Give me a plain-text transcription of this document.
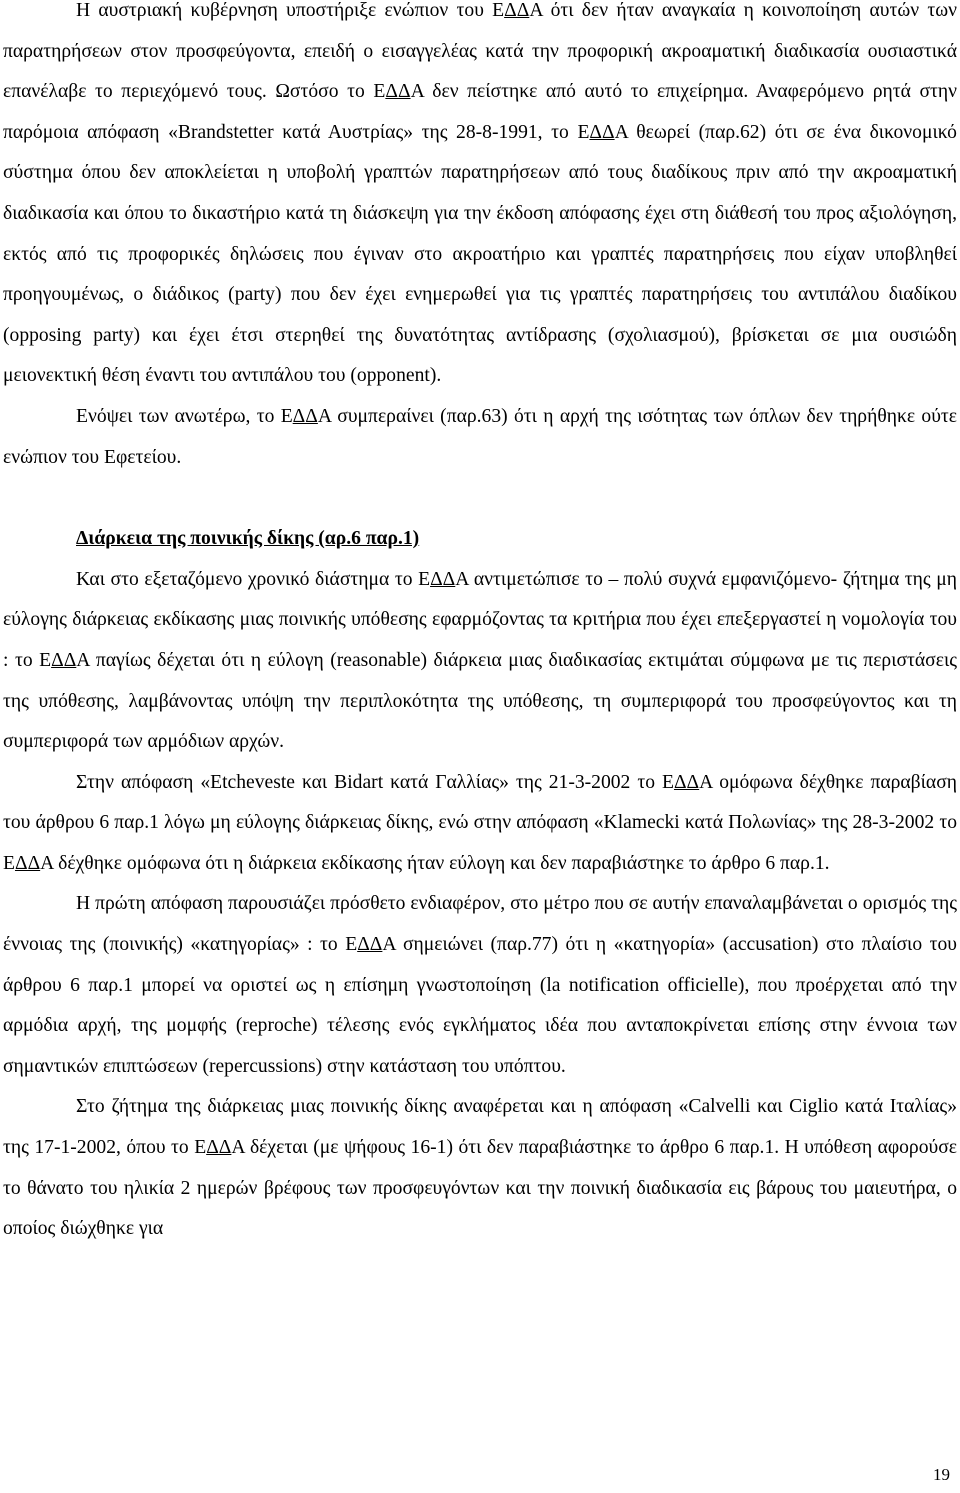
Η αυστριακή κυβέρνηση υποστήριξε ενώπιον του ΕΔΔΑ ότι δεν ήταν αναγκαία η κοινοποίηση αυτών των παρατηρήσεων στον προσφεύγοντα, επειδή ο εισαγγελέας κατά την προφορική ακροαματική διαδικασία ουσιαστικά επανέλαβε το περιεχόμενό τους. Ωστόσο το ΕΔΔΑ δεν πείστηκε από αυτό το επιχείρημα. Αναφερόμενο ρητά στην παρόμοια απόφαση «Brandstetter κατά Αυστρίας» της 28-8-1991, το ΕΔΔΑ θεωρεί (παρ.62) ότι σε ένα δικονομικό σύστημα όπου δεν αποκλείεται η υποβολή γραπτών παρατηρήσεων από τους διαδίκους πριν από την ακροαματική διαδικασία και όπου το δικαστήριο κατά τη διάσκεψη για την έκδοση απόφασης έχει στη διάθεσή του προς αξιολόγηση, εκτός από τις προφορικές δηλώσεις που έγιναν στο ακροατήριο και γραπτές παρατηρήσεις που είχαν υποβληθεί προηγουμένως, ο διάδικος (party) που δεν έχει ενημερωθεί για τις γραπτές παρατηρήσεις του αντιπάλου διαδίκου (opposing party) και έχει έτσι στερηθεί της δυνατότητας αντίδρασης (σχολιασμού), βρίσκεται σε μια ουσιώδη μειονεκτική θέση έναντι του αντιπάλου του (opponent).

Ενόψει των ανωτέρω, το ΕΔΔΑ συμπεραίνει (παρ.63) ότι η αρχή της ισότητας των όπλων δεν τηρήθηκε ούτε ενώπιον του Εφετείου.

Διάρκεια της ποινικής δίκης (αρ.6 παρ.1)

Και στο εξεταζόμενο χρονικό διάστημα το ΕΔΔΑ αντιμετώπισε το – πολύ συχνά εμφανιζόμενο- ζήτημα της μη εύλογης διάρκειας εκδίκασης μιας ποινικής υπόθεσης εφαρμόζοντας τα κριτήρια που έχει επεξεργαστεί η νομολογία του : το ΕΔΔΑ παγίως δέχεται ότι η εύλογη (reasonable) διάρκεια μιας διαδικασίας εκτιμάται σύμφωνα με τις περιστάσεις της υπόθεσης, λαμβάνοντας υπόψη την περιπλοκότητα της υπόθεσης, τη συμπεριφορά του προσφεύγοντος και τη συμπεριφορά των αρμόδιων αρχών.

Στην απόφαση «Etcheveste και Bidart κατά Γαλλίας» της 21-3-2002 το ΕΔΔΑ ομόφωνα δέχθηκε παραβίαση του άρθρου 6 παρ.1 λόγω μη εύλογης διάρκειας δίκης, ενώ στην απόφαση «Klamecki κατά Πολωνίας» της 28-3-2002 το ΕΔΔΑ δέχθηκε ομόφωνα ότι η διάρκεια εκδίκασης ήταν εύλογη και δεν παραβιάστηκε το άρθρο 6 παρ.1.

Η πρώτη απόφαση παρουσιάζει πρόσθετο ενδιαφέρον, στο μέτρο που σε αυτήν επαναλαμβάνεται ο ορισμός της έννοιας της (ποινικής) «κατηγορίας» : το ΕΔΔΑ σημειώνει (παρ.77) ότι η «κατηγορία» (accusation) στο πλαίσιο του άρθρου 6 παρ.1 μπορεί να οριστεί ως η επίσημη γνωστοποίηση (la notification officielle), που προέρχεται από την αρμόδια αρχή, της μομφής (reproche) τέλεσης ενός εγκλήματος ιδέα που ανταποκρίνεται επίσης στην έννοια των σημαντικών επιπτώσεων (repercussions) στην κατάσταση του υπόπτου.

Στο ζήτημα της διάρκειας μιας ποινικής δίκης αναφέρεται και η απόφαση «Calvelli και Ciglio κατά Ιταλίας» της 17-1-2002, όπου το ΕΔΔΑ δέχεται (με ψήφους 16-1) ότι δεν παραβιάστηκε το άρθρο 6 παρ.1. Η υπόθεση αφορούσε το θάνατο του ηλικία 2 ημερών βρέφους των προσφευγόντων και την ποινική διαδικασία εις βάρους του μαιευτήρα, ο οποίος διώχθηκε για

19
